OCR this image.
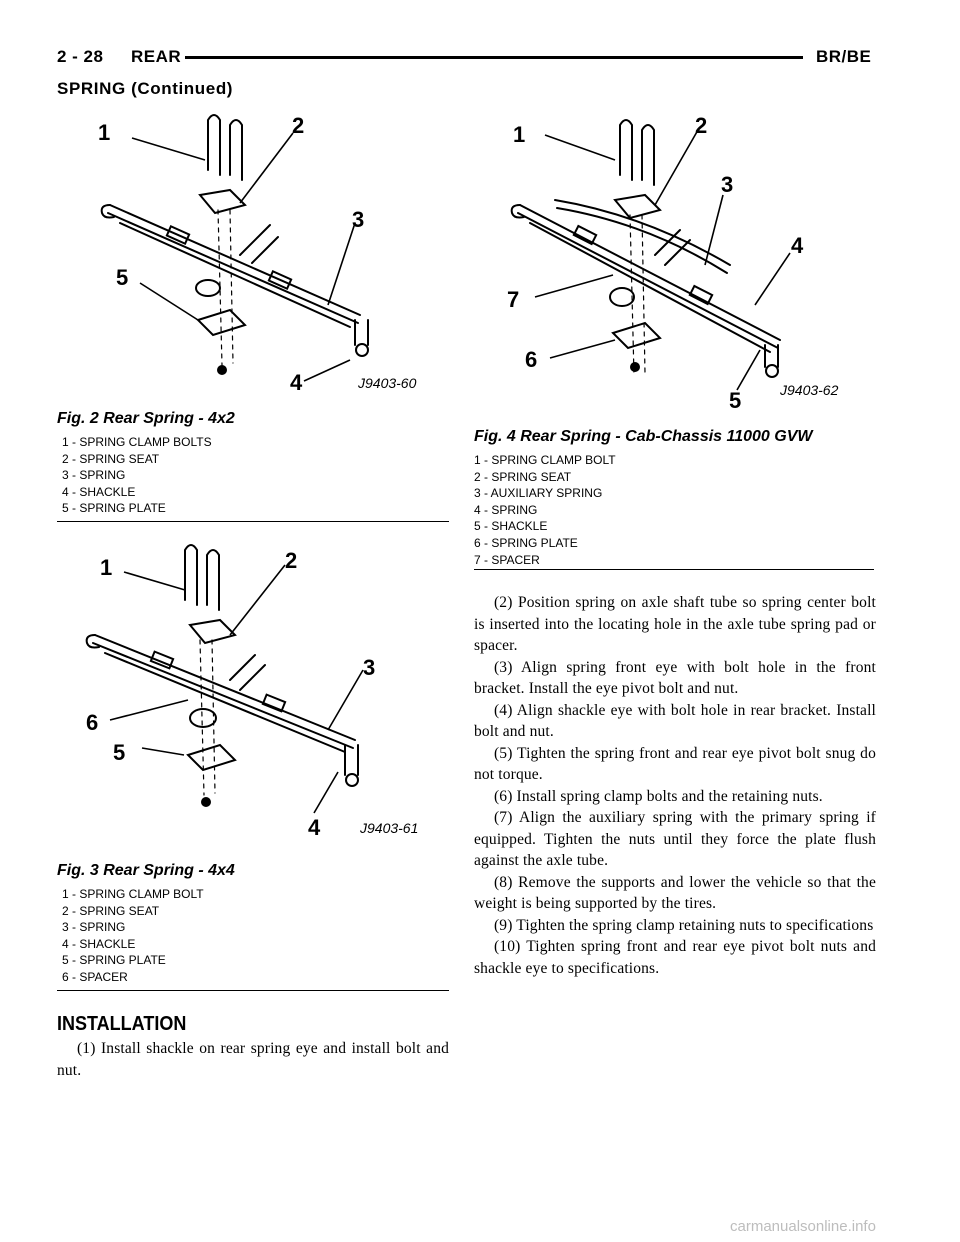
2 - 28 REAR	BR/BE
SPRING (Continued)
1	2
3
4
5
J9403-60
Fig. 2 Rear Spring - 4x2
1 - SPRING CLAMP BOLTS
2 - SPRING SEAT
3 - SPRING
4 - SHACKLE
5 - SPRING PLATE
1	2
3
4
5
6
J9403-61
Fig. 3 Rear Spring - 4x4
1 - SPRING CLAMP BOLT
2 - SPRING SEAT
3 - SPRING
4 - SHACKLE
5 - SPRING PLATE
6 - SPACER
INSTALLATION

(1) Install shackle on rear spring eye and install bolt and nut.

1	2
3
4
5
6
7
J9403-62
Fig. 4 Rear Spring - Cab-Chassis 11000 GVW
1 - SPRING CLAMP BOLT
2 - SPRING SEAT
3 - AUXILIARY SPRING
4 - SPRING
5 - SHACKLE
6 - SPRING PLATE
7 - SPACER

(2) Position spring on axle shaft tube so spring center bolt is inserted into the locating hole in the axle tube spring pad or spacer.

(3) Align spring front eye with bolt hole in the front bracket. Install the eye pivot bolt and nut.

(4) Align shackle eye with bolt hole in rear bracket. Install bolt and nut.

(5) Tighten the spring front and rear eye pivot bolt snug do not torque.

(6) Install spring clamp bolts and the retaining nuts.

(7) Align the auxiliary spring with the primary spring if equipped. Tighten the nuts until they force the plate flush against the axle tube.

(8) Remove the supports and lower the vehicle so that the weight is being supported by the tires.

(9) Tighten the spring clamp retaining nuts to specifications

(10) Tighten spring front and rear eye pivot bolt nuts and shackle eye to specifications.

carmanualsonline.info
